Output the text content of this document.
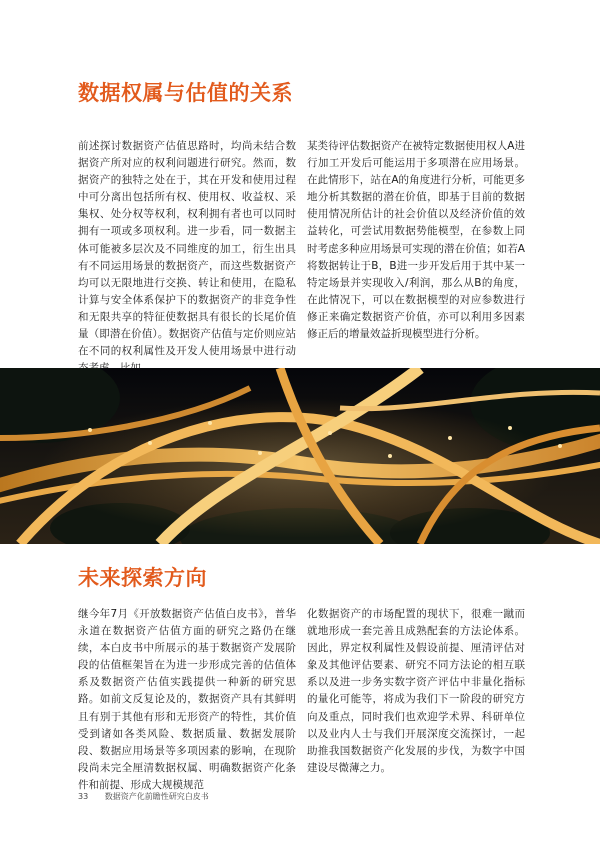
数据权属与估值的关系
前述探讨数据资产估值思路时，均尚未结合数据资产所对应的权利问题进行研究。然而，数据资产的独特之处在于，其在开发和使用过程中可分离出包括所有权、使用权、收益权、采集权、处分权等权利，权利拥有者也可以同时拥有一项或多项权利。进一步看，同一数据主体可能被多层次及不同维度的加工，衍生出具有不同运用场景的数据资产，而这些数据资产均可以无限地进行交换、转让和使用，在隐私计算与安全体系保护下的数据资产的非竞争性和无限共享的特征使数据具有很长的长尾价值量（即潜在价值）。数据资产估值与定价则应站在不同的权利属性及开发人使用场景中进行动
某类待评估数据资产在被特定数据使用权人A进行加工开发后可能运用于多项潜在应用场景。在此情形下，站在A的角度进行分析，可能更多地分析其数据的潜在价值，即基于目前的数据使用情况所估计的社会价值以及经济价值的效益转化，可尝试用数据势能模型，在参数上同时考虑多种应用场景可实现的潜在价值；如若A将数据转让于B，B进一步开发后用于其中某一特定场景并实现收入/利润，那么从B的角度，在此情况下，可以在数据模型的对应参数进行修正来确定数据资产价值，亦可以利用多因素修正后的增量效益折现模型进行分析。
未来探索方向
继今年7月《开放数据资产估值白皮书》，普华永道在数据资产估值方面的研究之路仍在继续，本白皮书中所展示的基于数据资产发展阶段的估值框架旨在为进一步形成完善的估值体系及数据资产估值实践提供一种新的研究思路。如前文反复论及的，数据资产具有其鲜明且有别于其他有形和无形资产的特性，其价值受到诸如各类风险、数据质量、数据发展阶段、数据应用场景等多项因素的影响，在现阶段尚未完全厘清数据权属、明确数据资产化条件和前提、形成大规模规范
化数据资产的市场配置的现状下，很难一蹴而就地形成一套完善且成熟配套的方法论体系。因此，界定权利属性及假设前提、厘清评估对象及其他评估要素、研究不同方法论的相互联系以及进一步务实数字资产评估中非量化指标的量化可能等，将成为我们下一阶段的研究方向及重点，同时我们也欢迎学术界、科研单位以及业内人士与我们开展深度交流探讨，一起助推我国数据资产化发展的步伐，为数字中国建设尽微薄之力。
33 数据资产化前瞻性研究白皮书
